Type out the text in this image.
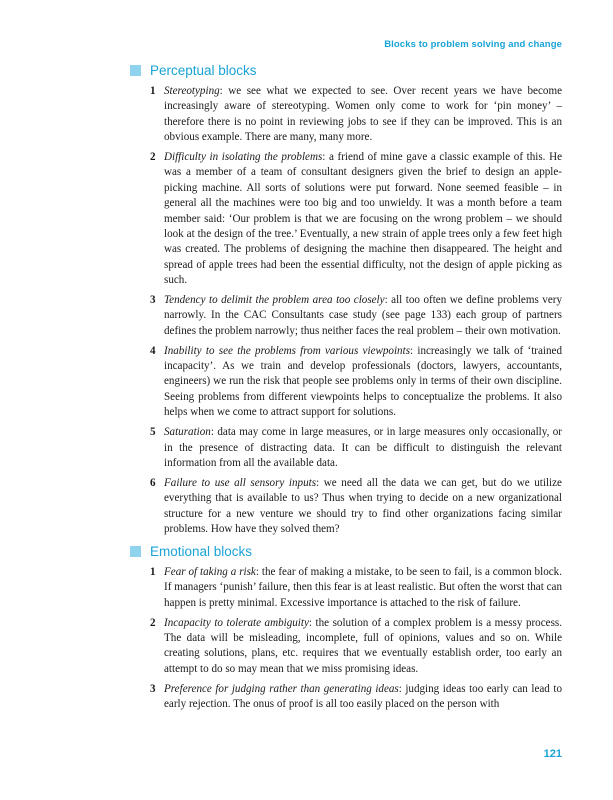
Blocks to problem solving and change
Perceptual blocks
1 Stereotyping: we see what we expected to see. Over recent years we have become increasingly aware of stereotyping. Women only come to work for ‘pin money’ – therefore there is no point in reviewing jobs to see if they can be improved. This is an obvious example. There are many, many more.
2 Difficulty in isolating the problems: a friend of mine gave a classic example of this. He was a member of a team of consultant designers given the brief to design an apple-picking machine. All sorts of solutions were put forward. None seemed feasible – in general all the machines were too big and too unwieldy. It was a month before a team member said: ‘Our problem is that we are focusing on the wrong problem – we should look at the design of the tree.’ Eventually, a new strain of apple trees only a few feet high was created. The problems of designing the machine then disappeared. The height and spread of apple trees had been the essential difficulty, not the design of apple picking as such.
3 Tendency to delimit the problem area too closely: all too often we define problems very narrowly. In the CAC Consultants case study (see page 133) each group of partners defines the problem narrowly; thus neither faces the real problem – their own motivation.
4 Inability to see the problems from various viewpoints: increasingly we talk of ‘trained incapacity’. As we train and develop professionals (doctors, lawyers, accountants, engineers) we run the risk that people see problems only in terms of their own discipline. Seeing problems from different viewpoints helps to conceptualize the problems. It also helps when we come to attract support for solutions.
5 Saturation: data may come in large measures, or in large measures only occasionally, or in the presence of distracting data. It can be difficult to distinguish the relevant information from all the available data.
6 Failure to use all sensory inputs: we need all the data we can get, but do we utilize everything that is available to us? Thus when trying to decide on a new organizational structure for a new venture we should try to find other organizations facing similar problems. How have they solved them?
Emotional blocks
1 Fear of taking a risk: the fear of making a mistake, to be seen to fail, is a common block. If managers ‘punish’ failure, then this fear is at least realistic. But often the worst that can happen is pretty minimal. Excessive importance is attached to the risk of failure.
2 Incapacity to tolerate ambiguity: the solution of a complex problem is a messy process. The data will be misleading, incomplete, full of opinions, values and so on. While creating solutions, plans, etc. requires that we eventually establish order, too early an attempt to do so may mean that we miss promising ideas.
3 Preference for judging rather than generating ideas: judging ideas too early can lead to early rejection. The onus of proof is all too easily placed on the person with
121
